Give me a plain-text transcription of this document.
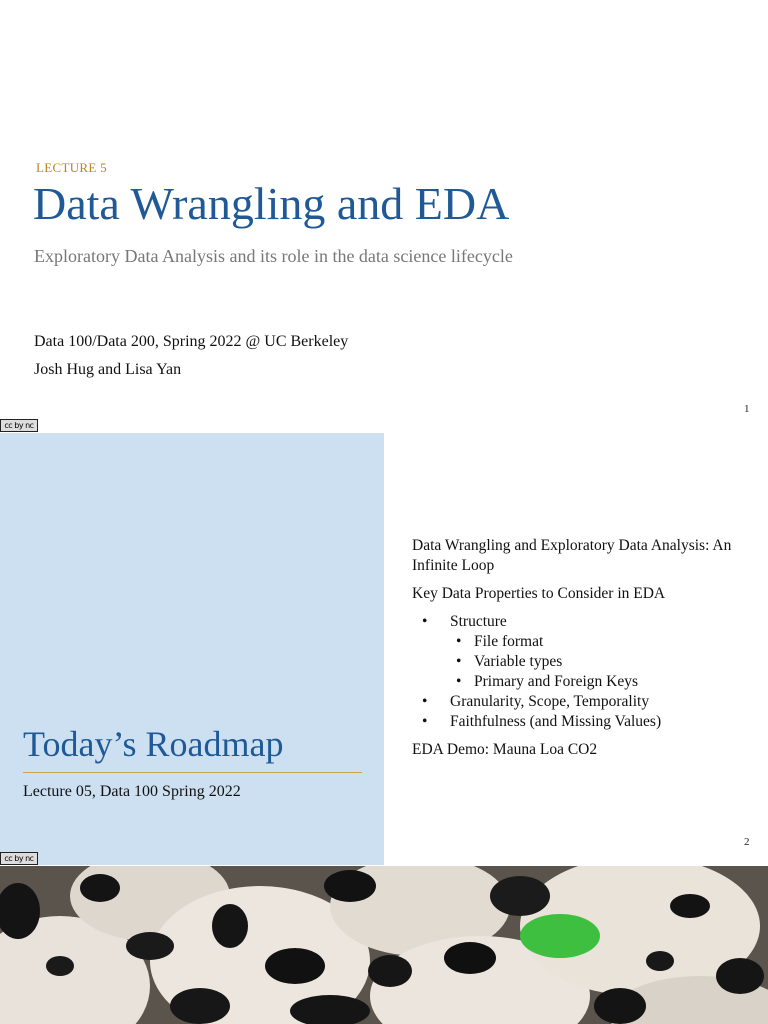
LECTURE 5
Data Wrangling and EDA
Exploratory Data Analysis and its role in the data science lifecycle
Data 100/Data 200, Spring 2022 @ UC Berkeley
Josh Hug and Lisa Yan
1
cc by nc
Today’s Roadmap
Lecture 05, Data 100 Spring 2022
Data Wrangling and Exploratory Data Analysis: An Infinite Loop
Key Data Properties to Consider in EDA
• Structure
• File format
• Variable types
• Primary and Foreign Keys
• Granularity, Scope, Temporality
• Faithfulness (and Missing Values)
EDA Demo: Mauna Loa CO2
2
cc by nc
